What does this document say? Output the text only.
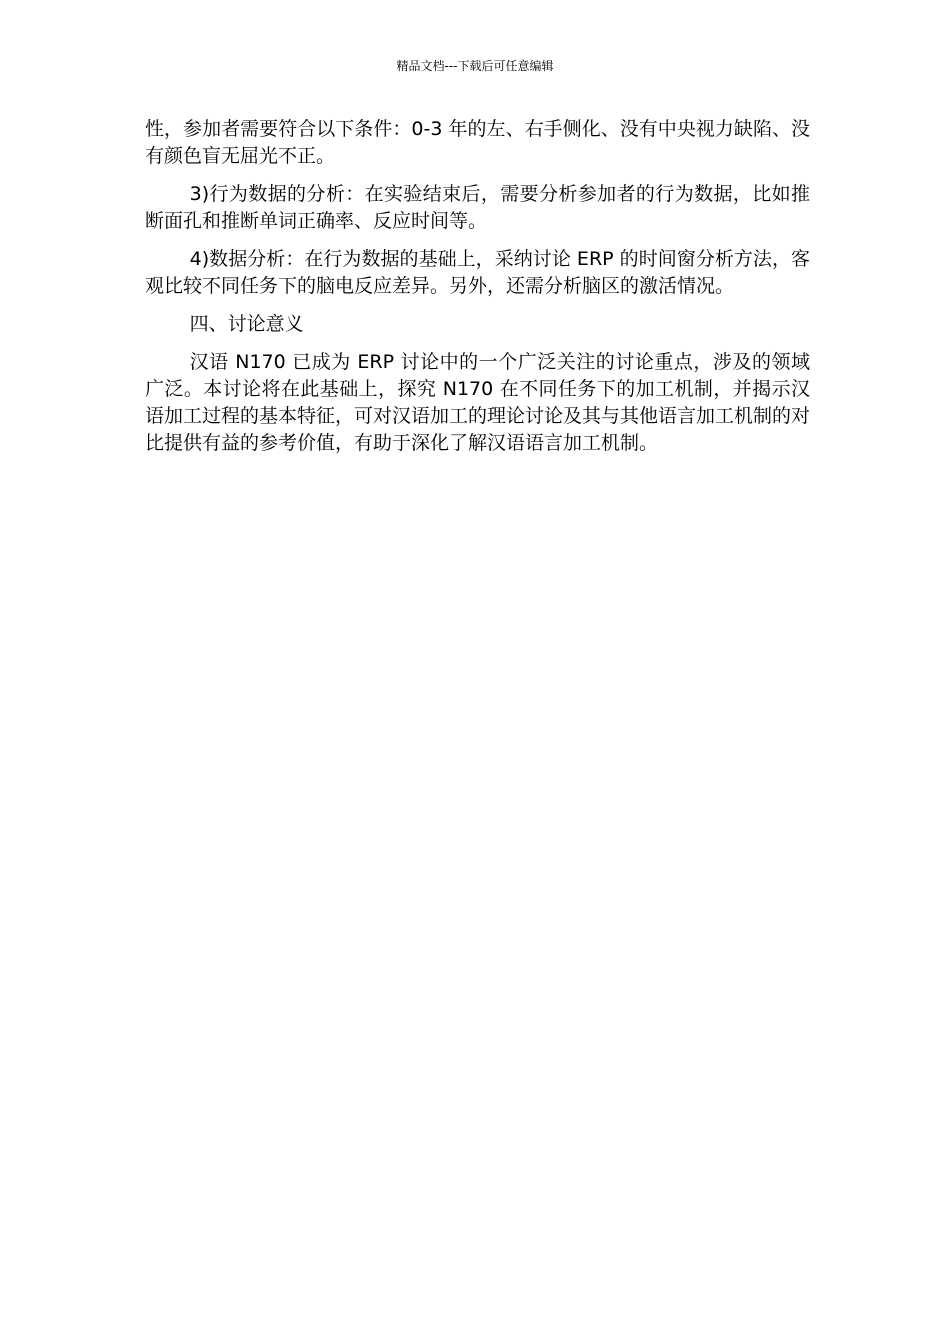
精品文档---下载后可任意编辑

性，参加者需要符合以下条件：0-3 年的左、右手侧化、没有中央视力缺陷、没有颜色盲无屈光不正。

3)行为数据的分析：在实验结束后，需要分析参加者的行为数据，比如推断面孔和推断单词正确率、反应时间等。

4)数据分析：在行为数据的基础上，采纳讨论 ERP 的时间窗分析方法，客观比较不同任务下的脑电反应差异。另外，还需分析脑区的激活情况。

四、讨论意义

汉语 N170 已成为 ERP 讨论中的一个广泛关注的讨论重点，涉及的领域广泛。本讨论将在此基础上，探究 N170 在不同任务下的加工机制，并揭示汉语加工过程的基本特征，可对汉语加工的理论讨论及其与其他语言加工机制的对比提供有益的参考价值，有助于深化了解汉语语言加工机制。
